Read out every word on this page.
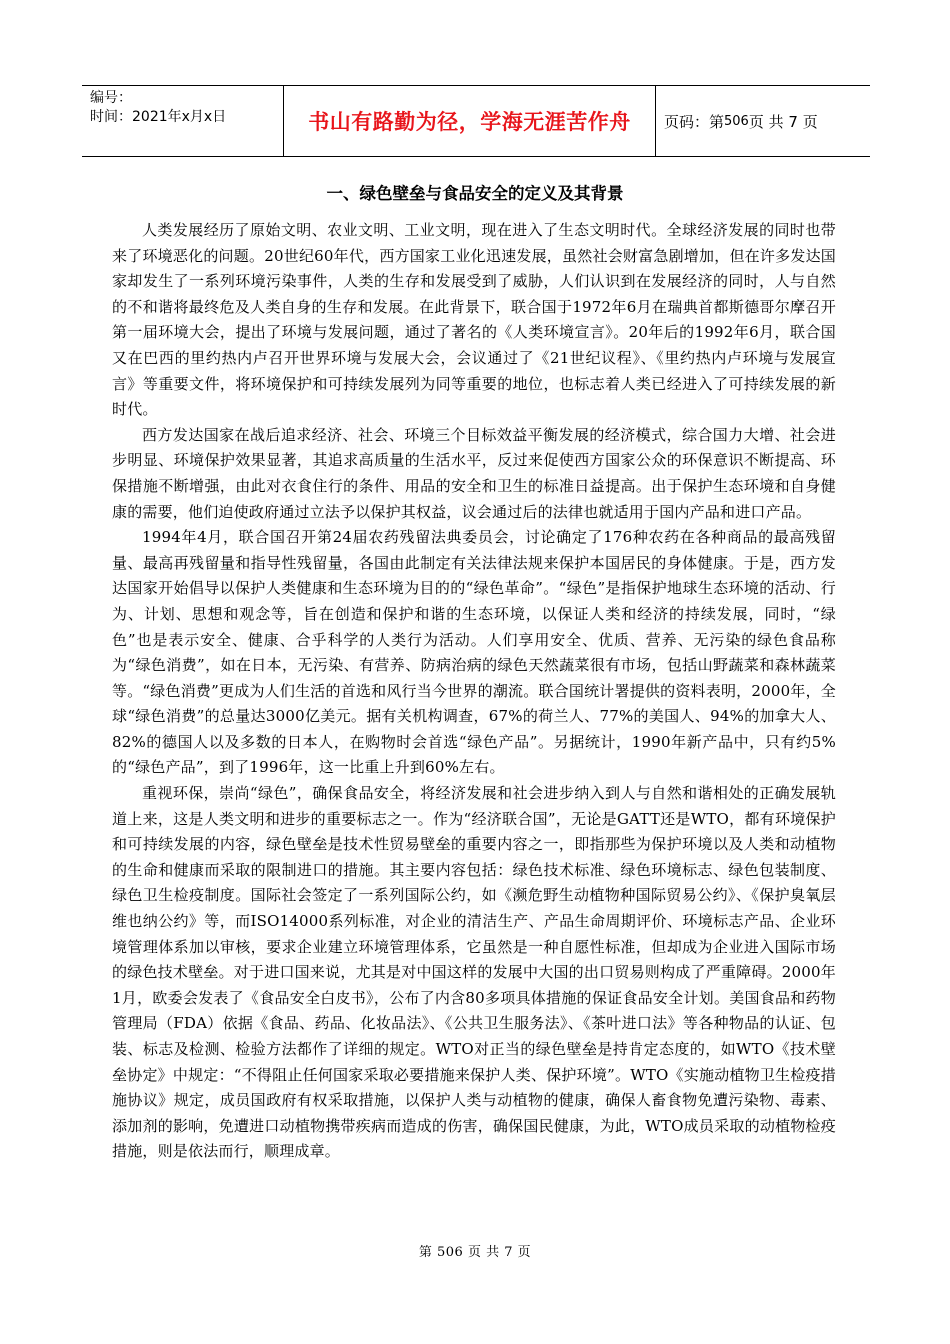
编号：
时间：2021年x月x日	书山有路勤为径，学海无涯苦作舟	页码：第 506 页 共 7 页
一、绿色壁垒与食品安全的定义及其背景

人类发展经历了原始文明、农业文明、工业文明，现在进入了生态文明时代。全球经济发展的同时也带来了环境恶化的问题。20世纪60年代，西方国家工业化迅速发展，虽然社会财富急剧增加，但在许多发达国家却发生了一系列环境污染事件，人类的生存和发展受到了威胁，人们认识到在发展经济的同时，人与自然的不和谐将最终危及人类自身的生存和发展。在此背景下，联合国于1972年6月在瑞典首都斯德哥尔摩召开第一届环境大会，提出了环境与发展问题，通过了著名的《人类环境宣言》。20年后的1992年6月，联合国又在巴西的里约热内卢召开世界环境与发展大会，会议通过了《21世纪议程》、《里约热内卢环境与发展宣言》等重要文件，将环境保护和可持续发展列为同等重要的地位，也标志着人类已经进入了可持续发展的新时代。

西方发达国家在战后追求经济、社会、环境三个目标效益平衡发展的经济模式，综合国力大增、社会进步明显、环境保护效果显著，其追求高质量的生活水平，反过来促使西方国家公众的环保意识不断提高、环保措施不断增强，由此对衣食住行的条件、用品的安全和卫生的标准日益提高。出于保护生态环境和自身健康的需要，他们迫使政府通过立法予以保护其权益，议会通过后的法律也就适用于国内产品和进口产品。

1994年4月，联合国召开第24届农药残留法典委员会，讨论确定了176种农药在各种商品的最高残留量、最高再残留量和指导性残留量，各国由此制定有关法律法规来保护本国居民的身体健康。于是，西方发达国家开始倡导以保护人类健康和生态环境为目的的“绿色革命”。“绿色”是指保护地球生态环境的活动、行为、计划、思想和观念等，旨在创造和保护和谐的生态环境，以保证人类和经济的持续发展，同时，“绿色”也是表示安全、健康、合乎科学的人类行为活动。人们享用安全、优质、营养、无污染的绿色食品称为“绿色消费”，如在日本，无污染、有营养、防病治病的绿色天然蔬菜很有市场，包括山野蔬菜和森林蔬菜等。“绿色消费”更成为人们生活的首选和风行当今世界的潮流。联合国统计署提供的资料表明，2000年，全球“绿色消费”的总量达3000亿美元。据有关机构调查，67%的荷兰人、77%的美国人、94%的加拿大人、82%的德国人以及多数的日本人，在购物时会首选“绿色产品”。另据统计，1990年新产品中，只有约5%的“绿色产品”，到了1996年，这一比重上升到60%左右。

重视环保，崇尚“绿色”，确保食品安全，将经济发展和社会进步纳入到人与自然和谐相处的正确发展轨道上来，这是人类文明和进步的重要标志之一。作为“经济联合国”，无论是GATT还是WTO，都有环境保护和可持续发展的内容，绿色壁垒是技术性贸易壁垒的重要内容之一，即指那些为保护环境以及人类和动植物的生命和健康而采取的限制进口的措施。其主要内容包括：绿色技术标准、绿色环境标志、绿色包装制度、绿色卫生检疫制度。国际社会签定了一系列国际公约，如《濒危野生动植物种国际贸易公约》、《保护臭氧层维也纳公约》等，而ISO14000系列标准，对企业的清洁生产、产品生命周期评价、环境标志产品、企业环境管理体系加以审核，要求企业建立环境管理体系，它虽然是一种自愿性标准，但却成为企业进入国际市场的绿色技术壁垒。对于进口国来说，尤其是对中国这样的发展中大国的出口贸易则构成了严重障碍。2000年1月，欧委会发表了《食品安全白皮书》，公布了内含80多项具体措施的保证食品安全计划。美国食品和药物管理局（FDA）依据《食品、药品、化妆品法》、《公共卫生服务法》、《茶叶进口法》等各种物品的认证、包装、标志及检测、检验方法都作了详细的规定。WTO对正当的绿色壁垒是持肯定态度的，如WTO《技术壁垒协定》中规定：“不得阻止任何国家采取必要措施来保护人类、保护环境”。WTO《实施动植物卫生检疫措施协议》规定，成员国政府有权采取措施，以保护人类与动植物的健康，确保人畜食物免遭污染物、毒素、添加剂的影响，免遭进口动植物携带疾病而造成的伤害，确保国民健康，为此，WTO成员采取的动植物检疫措施，则是依法而行，顺理成章。

第 506 页 共 7 页
